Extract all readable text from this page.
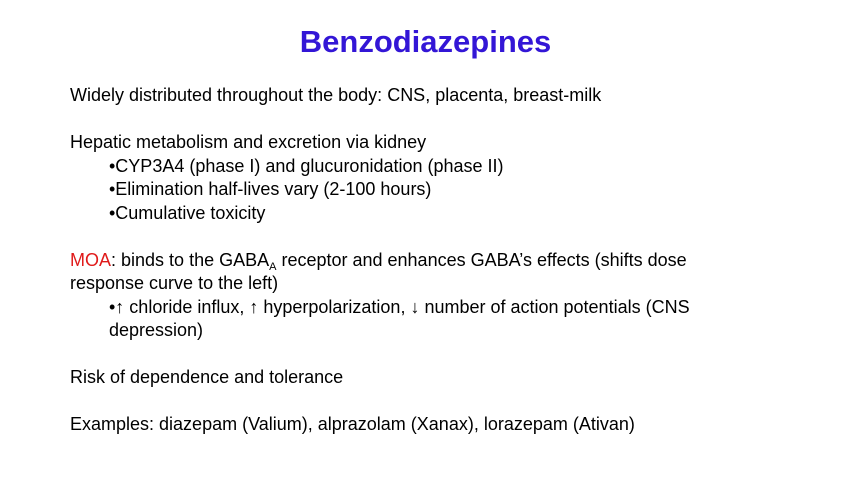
Benzodiazepines
Widely distributed throughout the body: CNS, placenta, breast-milk
Hepatic metabolism and excretion via kidney
•CYP3A4 (phase I) and glucuronidation (phase II)
•Elimination half-lives vary (2-100 hours)
•Cumulative toxicity
MOA: binds to the $GABA_A$ receptor and enhances GABA’s effects (shifts dose
response curve to the left)
•↑ chloride influx, ↑ hyperpolarization, ↓ number of action potentials (CNS
depression)
Risk of dependence and tolerance
Examples: diazepam (Valium), alprazolam (Xanax), lorazepam (Ativan)
